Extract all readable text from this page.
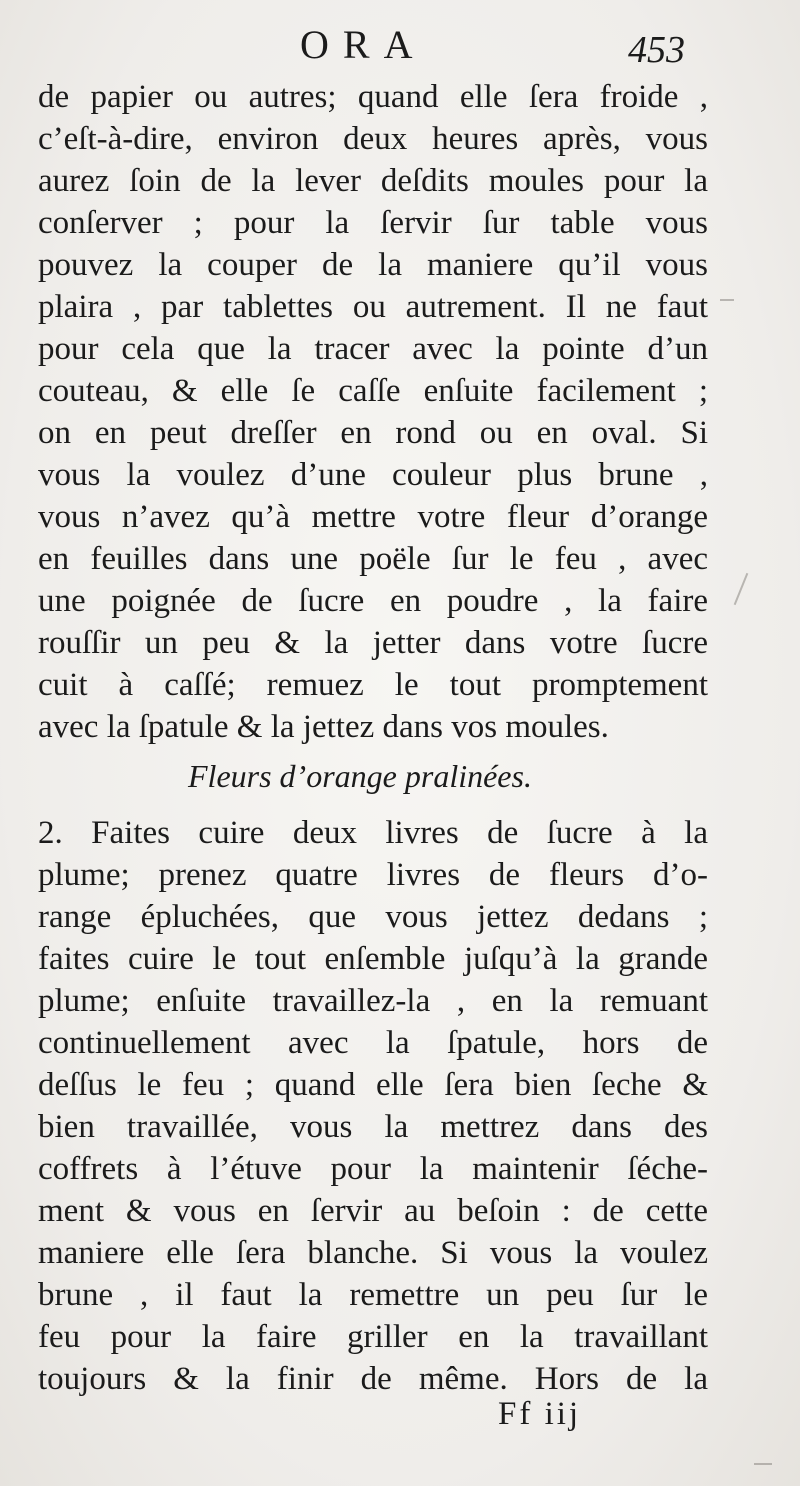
ORA	453
de papier ou autres; quand elle ſera froide ,
c’eſt-à-dire, environ deux heures après, vous
aurez ſoin de la lever deſdits moules pour la
conſerver ; pour la ſervir ſur table vous
pouvez la couper de la maniere qu’il vous
plaira , par tablettes ou autrement. Il ne faut
pour cela que la tracer avec la pointe d’un
couteau, & elle ſe caſſe enſuite facilement ;
on en peut dreſſer en rond ou en oval. Si
vous la voulez d’une couleur plus brune ,
vous n’avez qu’à mettre votre fleur d’orange
en feuilles dans une poële ſur le feu , avec
une poignée de ſucre en poudre , la faire
rouſſir un peu & la jetter dans votre ſucre
cuit à caſſé; remuez le tout promptement
avec la ſpatule & la jettez dans vos moules.
Fleurs d’orange pralinées.
2. Faites cuire deux livres de ſucre à la
plume; prenez quatre livres de fleurs d’o-
range épluchées, que vous jettez dedans ;
faites cuire le tout enſemble juſqu’à la grande
plume; enſuite travaillez-la , en la remuant
continuellement avec la ſpatule, hors de
deſſus le feu ; quand elle ſera bien ſeche &
bien travaillée, vous la mettrez dans des
coffrets à l’étuve pour la maintenir ſéche-
ment & vous en ſervir au beſoin : de cette
maniere elle ſera blanche. Si vous la voulez
brune , il faut la remettre un peu ſur le
feu pour la faire griller en la travaillant
toujours & la finir de même. Hors de la
Ff iij
